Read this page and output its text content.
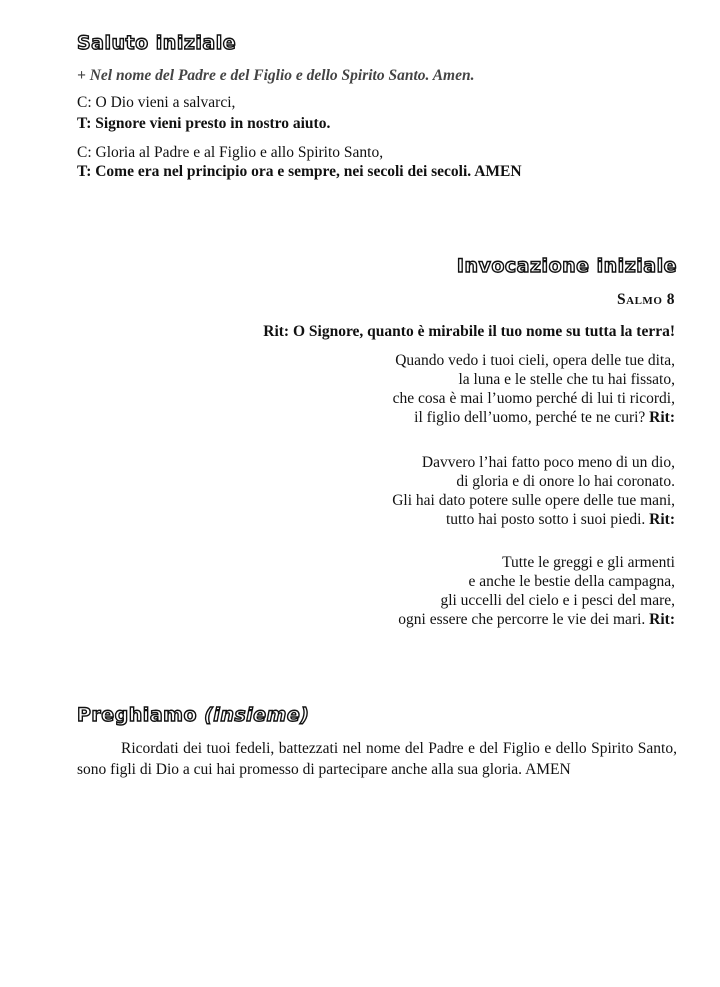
Saluto iniziale
+ Nel nome del Padre e del Figlio e dello Spirito Santo. Amen.
C: O Dio vieni a salvarci,
T: Signore vieni presto in nostro aiuto.
C: Gloria al Padre e al Figlio e allo Spirito Santo,
T: Come era nel principio ora e sempre, nei secoli dei secoli. AMEN
Invocazione iniziale
Salmo 8
Rit: O Signore, quanto è mirabile il tuo nome su tutta la terra!
Quando vedo i tuoi cieli, opera delle tue dita,
la luna e le stelle che tu hai fissato,
che cosa è mai l’uomo perché di lui ti ricordi,
il figlio dell’uomo, perché te ne curi? Rit:
Davvero l’hai fatto poco meno di un dio,
di gloria e di onore lo hai coronato.
Gli hai dato potere sulle opere delle tue mani,
tutto hai posto sotto i suoi piedi. Rit:
Tutte le greggi e gli armenti
e anche le bestie della campagna,
gli uccelli del cielo e i pesci del mare,
ogni essere che percorre le vie dei mari. Rit:
Preghiamo (insieme)
Ricordati dei tuoi fedeli, battezzati nel nome del Padre e del Figlio e dello Spirito Santo, sono figli di Dio a cui hai promesso di partecipare anche alla sua gloria. AMEN
